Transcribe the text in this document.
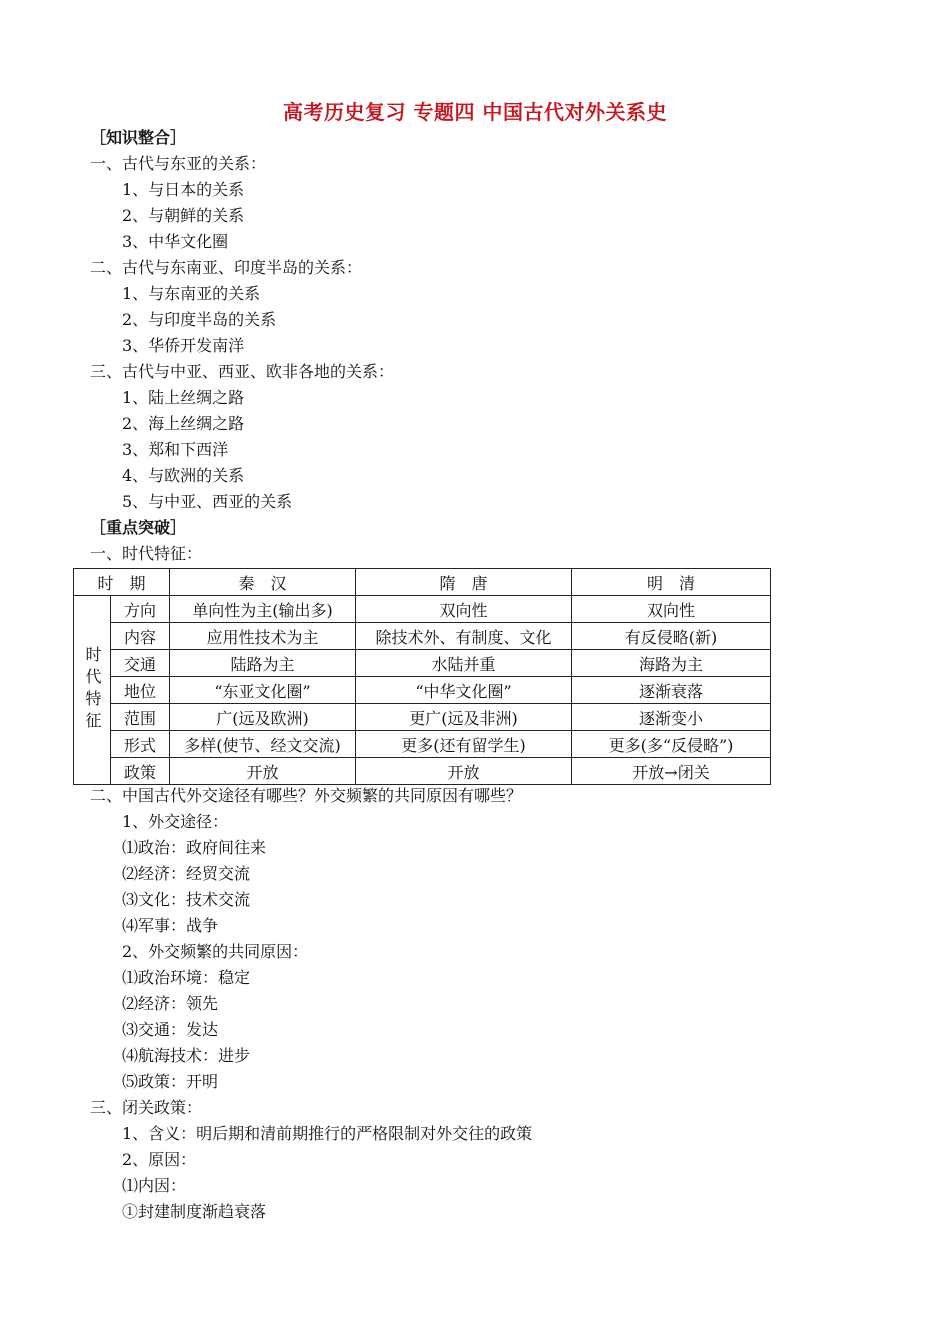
高考历史复习 专题四 中国古代对外关系史
［知识整合］
一、古代与东亚的关系：
1、与日本的关系
2、与朝鲜的关系
3、中华文化圈
二、古代与东南亚、印度半岛的关系：
1、与东南亚的关系
2、与印度半岛的关系
3、华侨开发南洋
三、古代与中亚、西亚、欧非各地的关系：
1、陆上丝绸之路
2、海上丝绸之路
3、郑和下西洋
4、与欧洲的关系
5、与中亚、西亚的关系
［重点突破］
一、时代特征：
时　期		秦　汉	隋　唐	明　清
时代特征	方向	单向性为主(输出多)	双向性	双向性
	内容	应用性技术为主	除技术外、有制度、文化	有反侵略(新)
	交通	陆路为主	水陆并重	海路为主
	地位	“东亚文化圈”	“中华文化圈”	逐渐衰落
	范围	广(远及欧洲)	更广(远及非洲)	逐渐变小
	形式	多样(使节、经文交流)	更多(还有留学生)	更多(多“反侵略”)
	政策	开放	开放	开放→闭关
二、中国古代外交途径有哪些？外交频繁的共同原因有哪些？
1、外交途径：
⑴政治：政府间往来
⑵经济：经贸交流
⑶文化：技术交流
⑷军事：战争
2、外交频繁的共同原因：
⑴政治环境：稳定
⑵经济：领先
⑶交通：发达
⑷航海技术：进步
⑸政策：开明
三、闭关政策：
1、含义：明后期和清前期推行的严格限制对外交往的政策
2、原因：
⑴内因：
①封建制度渐趋衰落
